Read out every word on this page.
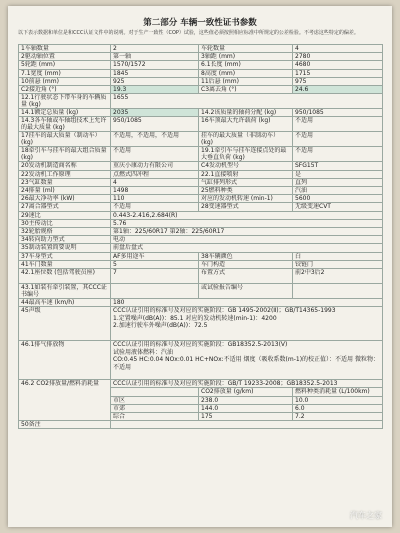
第二部分 车辆一致性证书参数
以下表示数据和单位是和CCC认证文件中的说明。对于生产一致性（COP）试验，这些值必须按照相应标准中所规定的公差检验。不考虑这些特定的偏差。
1车轴数量	2	车轮数量	4
2驱动轴位置	第一轴	3轴距 (mm)	2780
5轮距 (mm)	1570/1572	6.1长度 (mm)	4680
7.1宽度 (mm)	1845	8高度 (mm)	1715
10前悬 (mm)	925	11后悬 (mm)	975
C2接近角 (°)	19.3	C3离去角 (°)	24.6
12.1行驶状态下带车身的车辆质量 (kg)	1655		
14.1额定总质量 (kg)	2035	14.2该质量的轴荷分配 (kg)	950/1085
14.3各车轴或车轴组技术上允许的最大质量 (kg)	950/1085	16车顶最大允许载荷 (kg)	不适用
17挂车的最大质量（制动车）(kg)	不适用，不适用，不适用	挂车的最大质量（非制动车）(kg)	不适用
18牵引车与挂车的最大组合质量 (kg)	不适用	19.1牵引车与挂车连接点处的最大垂直负荷 (kg)	不适用
20发动机制造商名称	重庆小康动力有限公司	C4发动机型号	SFG15T
22发动机工作原理	点燃式四冲程	22.1直接喷射	是
23气缸数量	4	气缸排列形式	直列
24排量 (ml)	1498	25燃料种类	汽油
26最大净功率 (kW)	110	对应的发动机转速 (min-1)	5600
27离合器型式	不适用	28变速器型式	无级变速CVT
29速比	0.443-2.416,2.684(R)		
30主传动比	5.76		
32轮胎规格	第1轴：225/60R17 第2轴：225/60R17		
34转向助力型式	电动		
35制动装置简要说明	前盘后盘式		
37车身型式	AF多用途车	38车辆颜色	白
41车门数量	5	车门构造	铰链门
42.1座位数 (包括驾驶员座)	7	布置方式	前2中3后2
43.1如装有牵引装置，其CCC证书编号		或试验报告编号	
44最高车速 (km/h)	180		
45声级	CCC认证引用的标准号及对应的实施阶段：GB 1495-2002(Ⅱ)；GB/T14365-1993
1.定置噪声(dB(A))：85.1 对应的发动机转速(min-1)：4200
2.加速行驶车外噪声(dB(A))：72.5		
46.1排气排放物	CCC认证引用的标准号及对应的实施阶段：GB18352.5-2013(V)
试验用液体燃料：汽油
CO:0.45 HC:0.04 NOx:0.01 HC+NOx:不适用 烟度（吸收系数(m-1)的校正值）：不适用 微粒物：不适用		
46.2 CO2排放量/燃料消耗量	CCC认证引用的标准号及对应的实施阶段：GB/T 19233-2008；GB18352.5-2013		
		CO2排放量 (g/km)	燃料种类消耗量 (L/100km)
	市区	238.0	10.0
	市郊	144.0	6.0
	综合	175	7.2
50备注			
汽车之家
